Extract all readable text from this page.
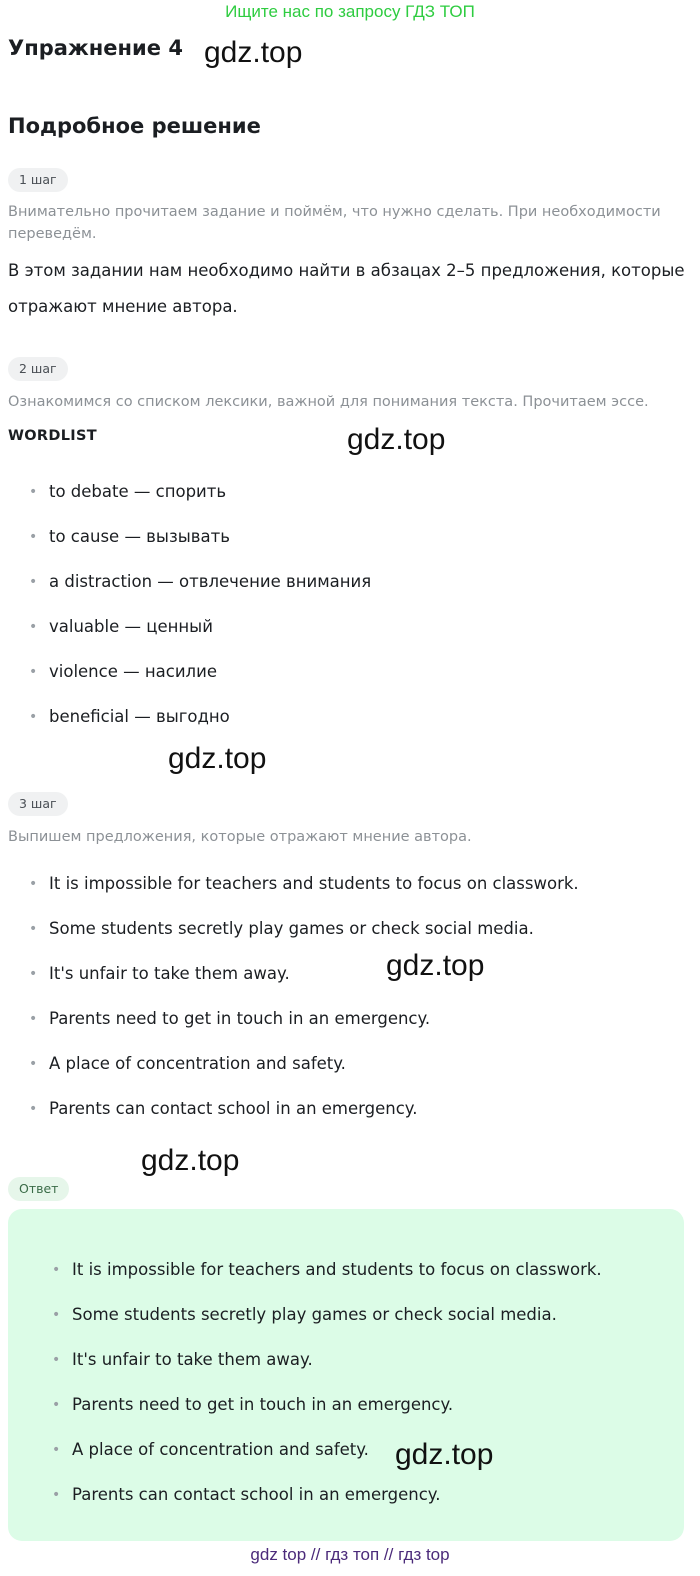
Ищите нас по запросу ГДЗ ТОП
Упражнение 4 gdz.top
Подробное решение
1 шаг
Внимательно прочитаем задание и поймём, что нужно сделать. При необходимости переведём.
В этом задании нам необходимо найти в абзацах 2–5 предложения, которые отражают мнение автора.
2 шаг
Ознакомимся со списком лексики, важной для понимания текста. Прочитаем эссе.
WORDLIST	gdz.top
• to debate — спорить
• to cause — вызывать
• a distraction — отвлечение внимания
• valuable — ценный
• violence — насилие
• beneficial — выгодно
gdz.top
3 шаг
Выпишем предложения, которые отражают мнение автора.
• It is impossible for teachers and students to focus on classwork.
• Some students secretly play games or check social media.
• It's unfair to take them away.
• Parents need to get in touch in an emergency.
• A place of concentration and safety.
• Parents can contact school in an emergency.
gdz.top
gdz.top
Ответ
• It is impossible for teachers and students to focus on classwork.
• Some students secretly play games or check social media.
• It's unfair to take them away.
• Parents need to get in touch in an emergency.
• A place of concentration and safety.
• Parents can contact school in an emergency.
gdz.top
gdz top // гдз топ // гдз top
